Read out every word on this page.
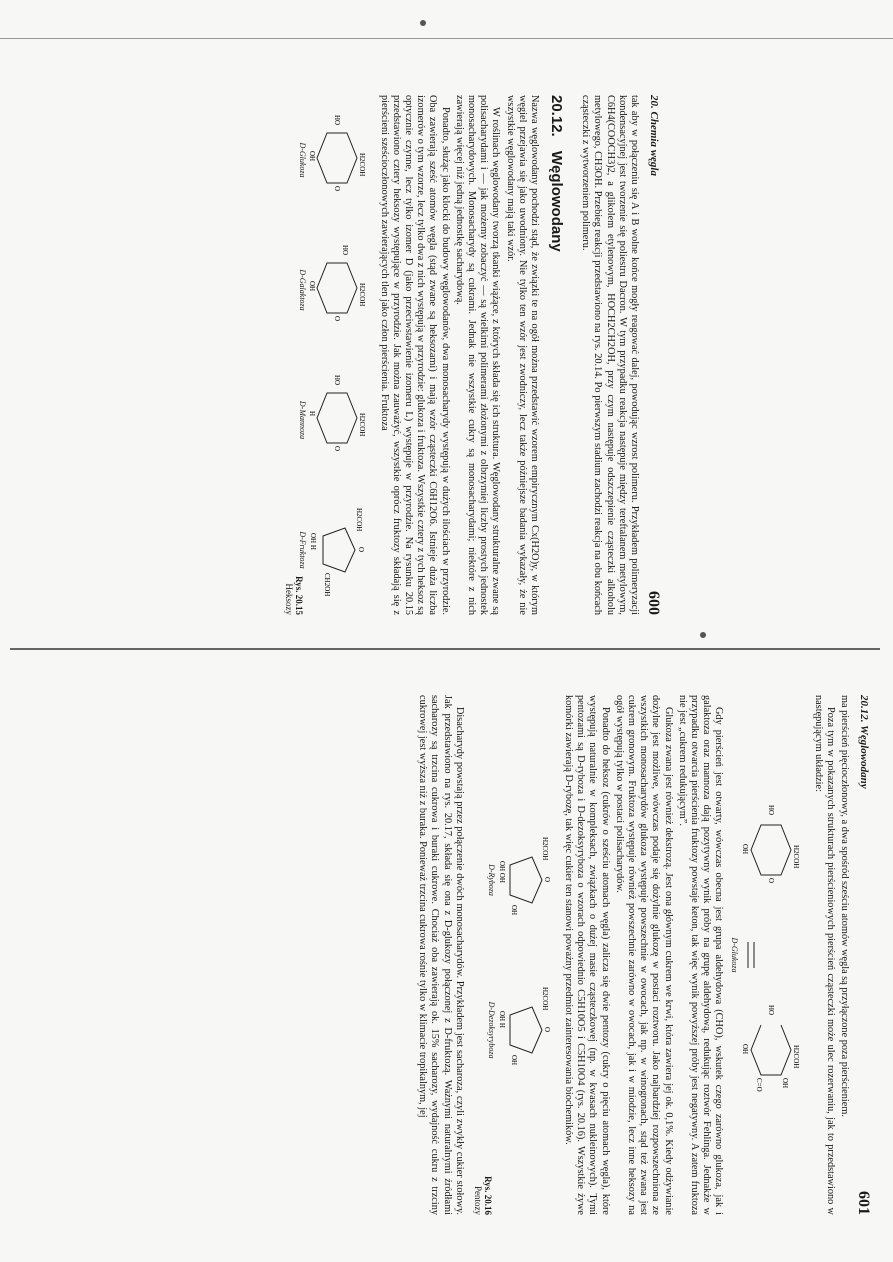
20. Chemia węgla
600

tak aby w połączeniu się A i B wolne końce mogły reagować dalej, powodując wzrost polimeru. Przykładem polimeryzacji kondensacyjnej jest tworzenie się poliestru Dacron. W tym przypadku reakcja następuje między tereftalanem metylowym, C6H4(COOCH3)2, a glikolem etylenowym, HOCH2CH2OH, przy czym następuje odszczepienie cząsteczki alkoholu metylowego, CH3OH. Przebieg reakcji przedstawiono na rys. 20.14. Po pierwszym stadium zachodzi reakcja na obu końcach cząsteczki z wytworzeniem polimeru.

20.12. Węglowodany

Nazwa węglowodany pochodzi stąd, że związki te na ogół można przedstawić wzorem empirycznym Cx(H2O)y, w którym węgiel przejawia się jako uwodniony. Nie tylko ten wzór jest zwodniczy, lecz także późniejsze badania wykazały, że nie wszystkie węglowodany mają taki wzór.

W roślinach węglowodany tworzą tkanki wiążące, z których składa się ich struktura. Węglowodany strukturalne zwane są polisacharydami i — jak możemy zobaczyć — są wielkimi polimerami złożonymi z olbrzymiej liczby prostych jednostek monosacharydowych. Monosacharydy są cukrami. Jednak nie wszystkie cukry są monosacharydami; niektóre z nich zawierają więcej niż jedną jednostkę sacharydową.

Ponadto, służąc jako klocki do budowy węglowodanów, dwa monosacharydy występują w dużych ilościach w przyrodzie. Oba zawierają sześć atomów węgla (stąd zwane są heksozami) i mają wzór cząsteczki C6H12O6. Istnieje duża liczba izomerów o tym wzorze, lecz tylko dwa z nich występują w przyrodzie: glukoza i fruktoza. Wszystkie cztery z tych heksoz są optycznie czynne, lecz tylko izomer D (jako przeciwstawienie izomeru L) występuje w przyrodzie. Na rysunku 20.15 przedstawiono cztery heksozy występujące w przyrodzie. Jak można zauważyć, wszystkie oprócz fruktozy składają się z pierścieni sześcioczłonowych zawierających tlen jako człon pierścienia. Fruktoza

H2COH
O
HO
OH
D-Glukoza
H2COH
O
HO
OH
D-Galaktoza
H2COH
O
HO
H
D-Mannoza
H2COH
O
CH2OH
OH H
D-Fruktoza
Rys. 20.15
Heksozy
20.12. Węglowodany
601

ma pierścień pięcioczłonowy, a dwa spośród sześciu atomów węgla są przyłączone poza pierścieniem.

Poza tym w pokazanych strukturach pierścieniowych pierścień cząsteczki może ulec rozerwaniu, jak to przedstawiono w następującym układzie:

H2COH
O
HO
OH
H2COH
OH
C=O
HO
OH
D-Glukoza

Gdy pierścień jest otwarty, wówczas obecna jest grupa aldehydowa (CHO), wskutek czego zarówno glukoza, jak i galaktoza oraz mannoza dają pozytywny wynik próby na grupę aldehydową, redukując roztwór Fehlinga. Jednakże w przypadku otwarcia pierścienia fruktozy powstaje keton, tak więc wynik powyższej próby jest negatywny. A zatem fruktoza nie jest „cukrem redukującym”.

Glukoza zwana jest również dekstrozą. Jest ona głównym cukrem we krwi, która zawiera jej ok. 0,1%. Kiedy odżywianie dożylne jest możliwe, wówczas podaje się dożylnie glukozę w postaci roztworu. Jako najbardziej rozpowszechniona ze wszystkich monosacharydów glukoza występuje powszechnie w owocach, jak np. w winogronach, stąd też zwana jest cukrem gronowym. Fruktoza występuje również powszechnie zarówno w owocach, jak i w miodzie, lecz inne heksozy na ogół występują tylko w postaci polisacharydów.

Ponadto do heksoz (cukrów o sześciu atomach węgla) zalicza się dwie pentozy (cukry o pięciu atomach węgla), które występują naturalnie w kompleksach, związkach o dużej masie cząsteczkowej (np. w kwasach nukleinowych). Tymi pentozami są D-ryboza i D-dezoksyryboza o wzorach odpowiednio C5H10O5 i C5H10O4 (rys. 20.16). Wszystkie żywe komórki zawierają D-rybozę, tak więc cukier ten stanowi poważny przedmiot zainteresowania biochemików.

H2COH
O
OH
OH OH
D-Ryboza
H2COH
O
OH
OH H
D-Dezoksyryboza
Rys. 20.16
Pentozy

Disacharydy powstają przez połączenie dwóch monosacharydów. Przykładem jest sacharoza, czyli zwykły cukier stołowy. Jak przedstawiono na rys. 20.17, składa się ona z D-glukozy połączonej z D-fruktozą. Ważnymi naturalnymi źródłami sacharozy są trzcina cukrowa i buraki cukrowe. Chociaż oba zawierają ok. 15% sacharozy, wydajność cukru z trzciny cukrowej jest wyższa niż z buraka. Ponieważ trzcina cukrowa rośnie tylko w klimacie tropikalnym, jej
